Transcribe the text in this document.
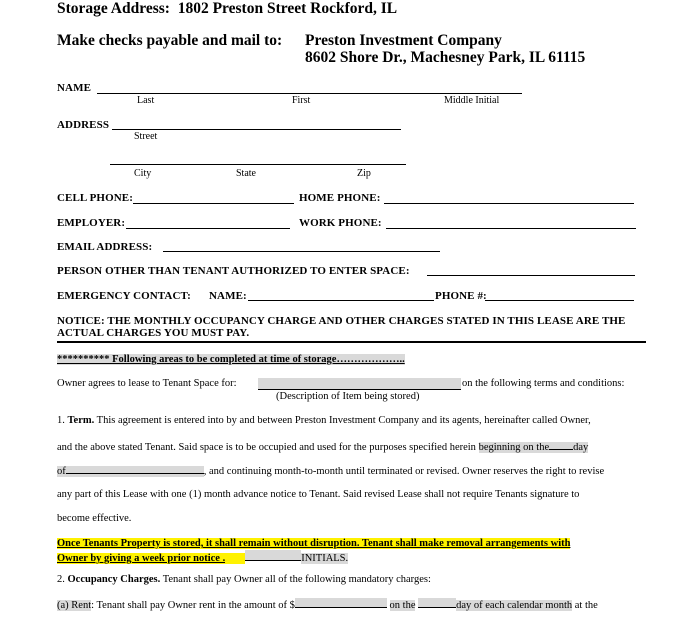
Storage Address: 1802 Preston Street Rockford, IL
Make checks payable and mail to: Preston Investment Company
8602 Shore Dr., Machesney Park, IL 61115
NAME
Last	First	Middle Initial
ADDRESS
Street
City	State	Zip
CELL PHONE:	HOME PHONE:
EMPLOYER:	WORK PHONE:
EMAIL ADDRESS:
PERSON OTHER THAN TENANT AUTHORIZED TO ENTER SPACE:
EMERGENCY CONTACT: NAME:	PHONE #:
NOTICE: THE MONTHLY OCCUPANCY CHARGE AND OTHER CHARGES STATED IN THIS LEASE ARE THE
ACTUAL CHARGES YOU MUST PAY.
********** Following areas to be completed at time of storage………………..
Owner agrees to lease to Tenant Space for:	on the following terms and conditions:
(Description of Item being stored)
1. Term. This agreement is entered into by and between Preston Investment Company and its agents, hereinafter called Owner,
and the above stated Tenant. Said space is to be occupied and used for the purposes specified herein beginning on the day
of	, and continuing month-to-month until terminated or revised. Owner reserves the right to revise
any part of this Lease with one (1) month advance notice to Tenant. Said revised Lease shall not require Tenants signature to
become effective.
Once Tenants Property is stored, it shall remain without disruption. Tenant shall make removal arrangements with
Owner by giving a week prior notice .	INITIALS.
2. Occupancy Charges. Tenant shall pay Owner all of the following mandatory charges:
(a) Rent: Tenant shall pay Owner rent in the amount of $	on the	day of each calendar month at the
